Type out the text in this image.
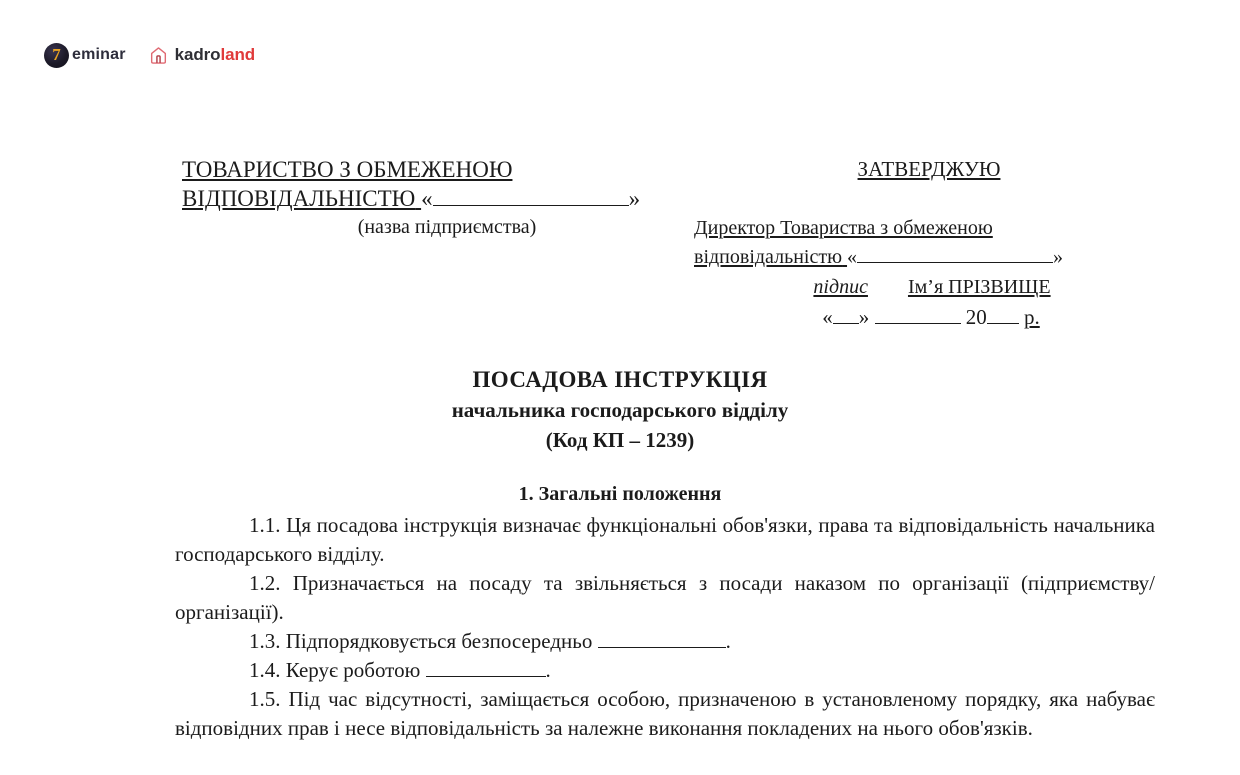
7 eminar	kadroland
ТОВАРИСТВО З ОБМЕЖЕНОЮ
ВІДПОВІДАЛЬНІСТЮ «	»
(назва підприємства)
ЗАТВЕРДЖУЮ
Директор Товариства з обмеженою
відповідальністю «	»
підпис Ім’я ПРІЗВИЩЕ
« »	20 р.
ПОСАДОВА ІНСТРУКЦІЯ
начальника господарського відділу
(Код КП – 1239)
1. Загальні положення

1.1. Ця посадова інструкція визначає функціональні обов'язки, права та відповідальність начальника господарського відділу.

1.2. Призначається на посаду та звільняється з посади наказом по організації (підприємству/організації).

1.3. Підпорядковується безпосередньо	.

1.4. Керує роботою	.

1.5. Під час відсутності, заміщається особою, призначеною в установленому порядку, яка набуває відповідних прав і несе відповідальність за належне виконання покладених на нього обов'язків.
